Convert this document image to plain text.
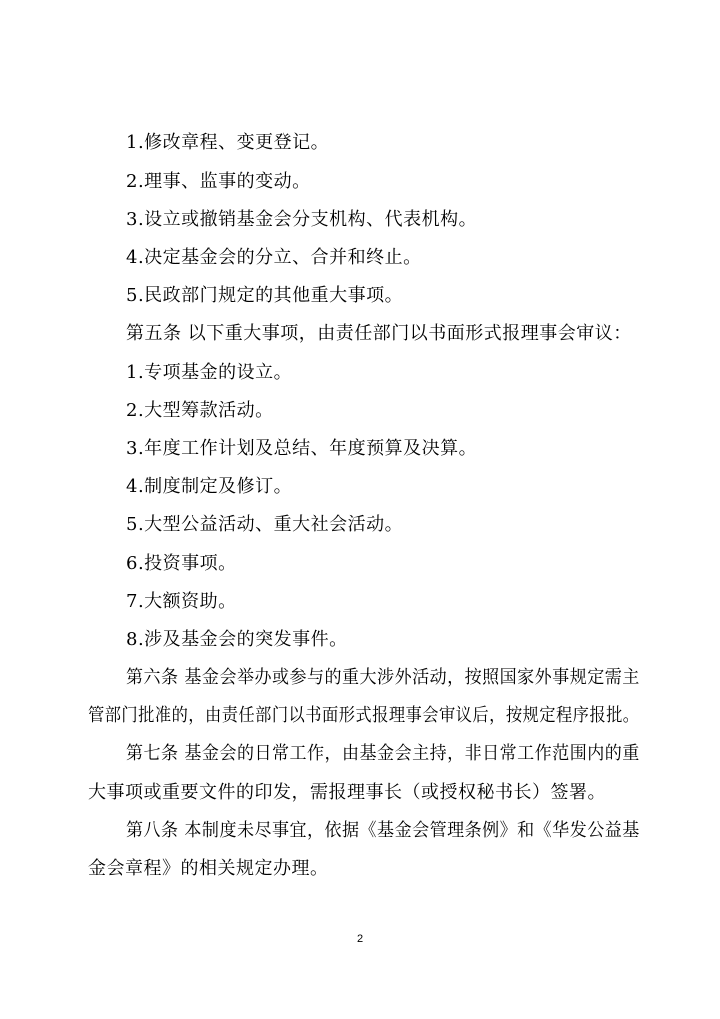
1.修改章程、变更登记。
2.理事、监事的变动。
3.设立或撤销基金会分支机构、代表机构。
4.决定基金会的分立、合并和终止。
5.民政部门规定的其他重大事项。
第五条 以下重大事项，由责任部门以书面形式报理事会审议：
1.专项基金的设立。
2.大型筹款活动。
3.年度工作计划及总结、年度预算及决算。
4.制度制定及修订。
5.大型公益活动、重大社会活动。
6.投资事项。
7.大额资助。
8.涉及基金会的突发事件。
第六条 基金会举办或参与的重大涉外活动，按照国家外事规定需主
管部门批准的，由责任部门以书面形式报理事会审议后，按规定程序报批。
第七条 基金会的日常工作，由基金会主持，非日常工作范围内的重
大事项或重要文件的印发，需报理事长（或授权秘书长）签署。
第八条 本制度未尽事宜，依据《基金会管理条例》和《华发公益基
金会章程》的相关规定办理。
2
